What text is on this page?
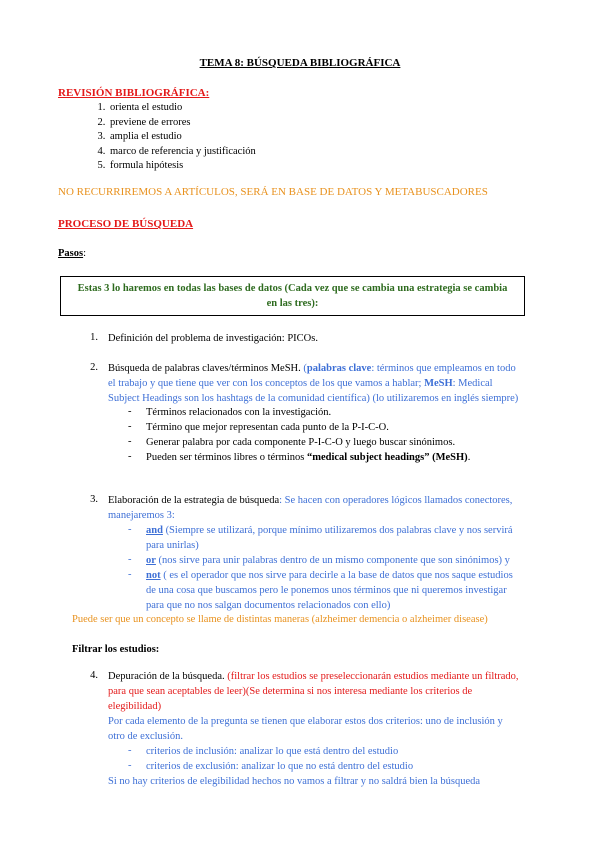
TEMA 8: BÚSQUEDA BIBLIOGRÁFICA
REVISIÓN BIBLIOGRÁFICA:
1. orienta el estudio
2. previene de errores
3. amplia el estudio
4. marco de referencia y justificación
5. formula hipótesis
NO RECURRIREMOS A ARTÍCULOS, SERÁ EN BASE DE DATOS Y METABUSCADORES
PROCESO DE BÚSQUEDA
Pasos:
Estas 3 lo haremos en todas las bases de datos (Cada vez que se cambia una estrategia se cambia
en las tres):
1. Definición del problema de investigación: PICOs.
2. Búsqueda de palabras claves/términos MeSH. (palabras clave: términos que empleamos en todo
el trabajo y que tiene que ver con los conceptos de los que vamos a hablar; MeSH: Medical
Subject Headings son los hashtags de la comunidad científica) (lo utilizaremos en inglés siempre)
-	Términos relacionados con la investigación.
-	Término que mejor representan cada punto de la P-I-C-O.
-	Generar palabra por cada componente P-I-C-O y luego buscar sinónimos.
-	Pueden ser términos libres o términos “medical subject headings” (MeSH).
3. Elaboración de la estrategia de búsqueda: Se hacen con operadores lógicos llamados conectores,
manejaremos 3:
-	and (Siempre se utilizará, porque mínimo utilizaremos dos palabras clave y nos servirá
para unirlas)
-	or (nos sirve para unir palabras dentro de un mismo componente que son sinónimos) y
-	not ( es el operador que nos sirve para decirle a la base de datos que nos saque estudios
de una cosa que buscamos pero le ponemos unos términos que ni queremos investigar
para que no nos salgan documentos relacionados con ello)
Puede ser que un concepto se llame de distintas maneras (alzheimer demencia o alzheimer disease)
Filtrar los estudios:
4. Depuración de la búsqueda. (filtrar los estudios se preseleccionarán estudios mediante un filtrado,
para que sean aceptables de leer)(Se determina si nos interesa mediante los criterios de
elegibilidad)
Por cada elemento de la pregunta se tienen que elaborar estos dos criterios: uno de inclusión y
otro de exclusión.
-	criterios de inclusión: analizar lo que está dentro del estudio
-	criterios de exclusión: analizar lo que no está dentro del estudio
Si no hay criterios de elegibilidad hechos no vamos a filtrar y no saldrá bien la búsqueda
